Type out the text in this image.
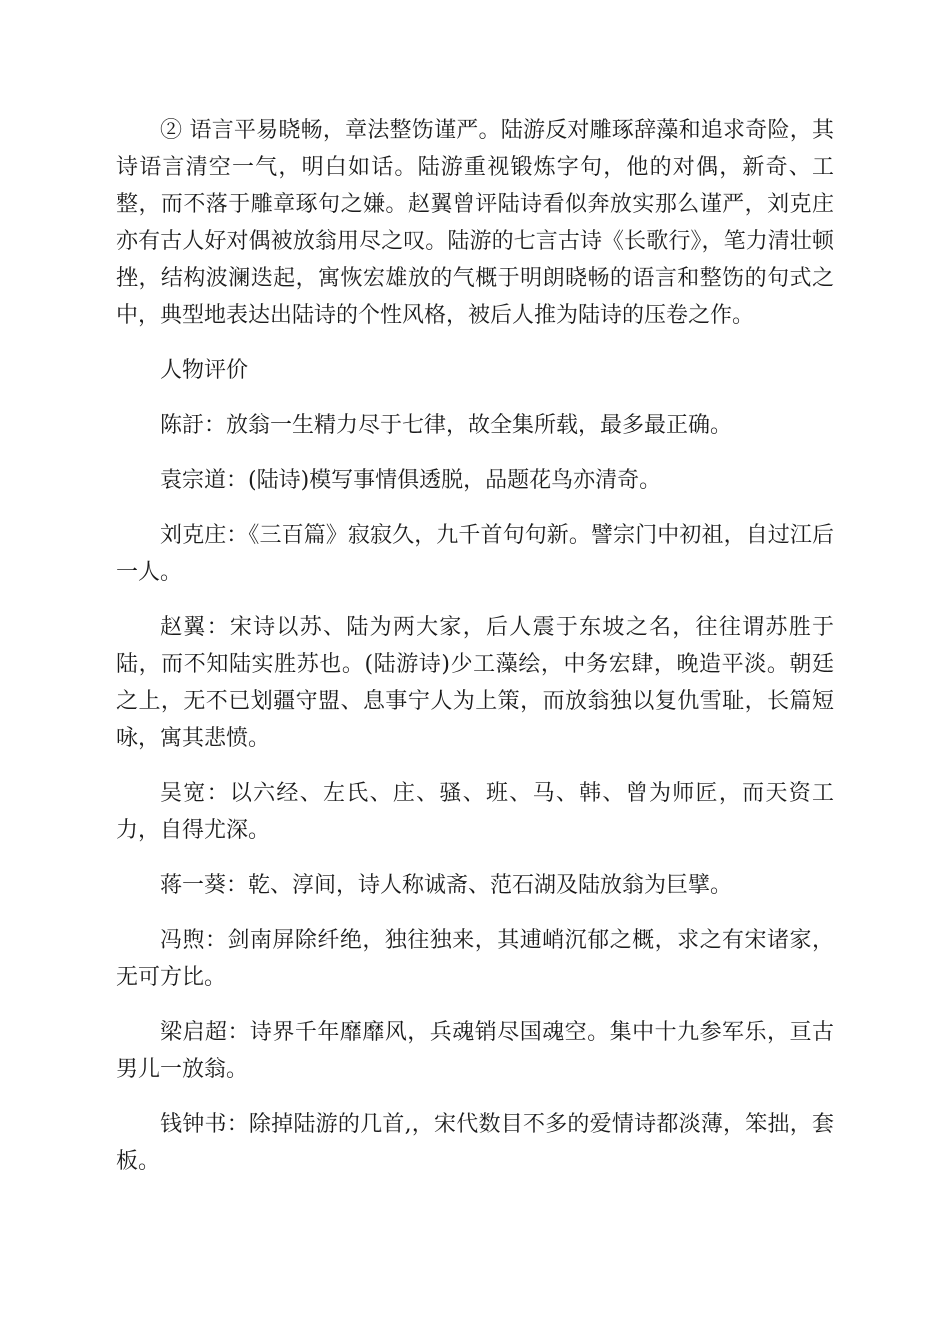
② 语言平易晓畅，章法整饬谨严。陆游反对雕琢辞藻和追求奇险，其诗语言清空一气，明白如话。陆游重视锻炼字句，他的对偶，新奇、工整，而不落于雕章琢句之嫌。赵翼曾评陆诗看似奔放实那么谨严，刘克庄亦有古人好对偶被放翁用尽之叹。陆游的七言古诗《长歌行》，笔力清壮顿挫，结构波澜迭起，寓恢宏雄放的气概于明朗晓畅的语言和整饬的句式之中，典型地表达出陆诗的个性风格，被后人推为陆诗的压卷之作。

人物评价

陈訏：放翁一生精力尽于七律，故全集所载，最多最正确。

袁宗道：(陆诗)模写事情俱透脱，品题花鸟亦清奇。

刘克庄：《三百篇》寂寂久，九千首句句新。譬宗门中初祖，自过江后一人。

赵翼：宋诗以苏、陆为两大家，后人震于东坡之名，往往谓苏胜于陆，而不知陆实胜苏也。(陆游诗)少工藻绘，中务宏肆，晚造平淡。朝廷之上，无不已划疆守盟、息事宁人为上策，而放翁独以复仇雪耻，长篇短咏，寓其悲愤。

吴宽：以六经、左氏、庄、骚、班、马、韩、曾为师匠，而天资工力，自得尤深。

蒋一葵：乾、淳间，诗人称诚斋、范石湖及陆放翁为巨擘。

冯煦：剑南屏除纤绝，独往独来，其逋峭沉郁之概，求之有宋诸家，无可方比。

梁启超：诗界千年靡靡风，兵魂销尽国魂空。集中十九参军乐，亘古男儿一放翁。

钱钟书：除掉陆游的几首,，宋代数目不多的爱情诗都淡薄，笨拙，套板。
